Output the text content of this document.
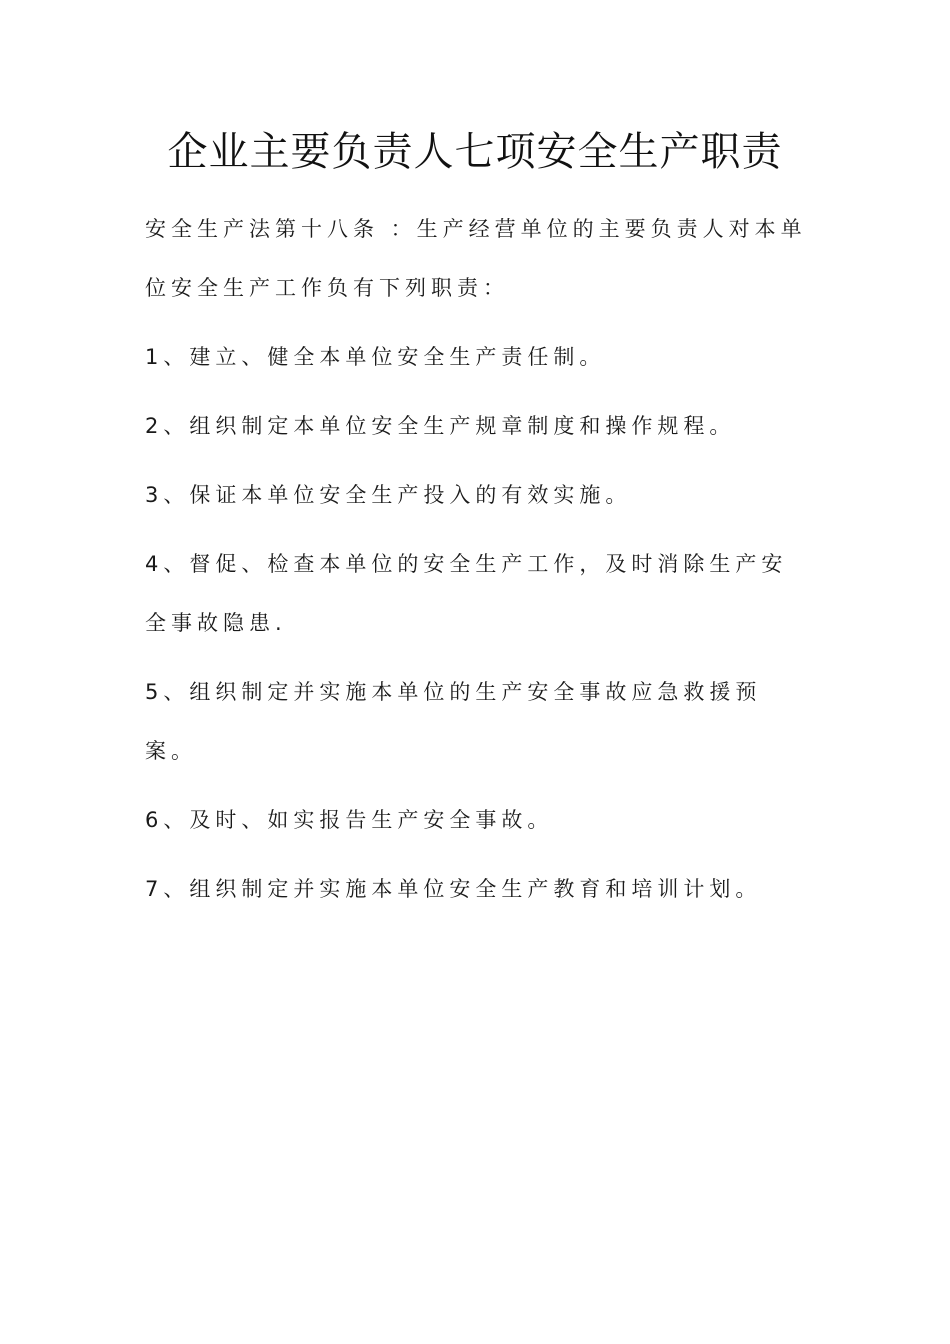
企业主要负责人七项安全生产职责

安全生产法第十八条 ：生产经营单位的主要负责人对本单位安全生产工作负有下列职责：

1、建立、健全本单位安全生产责任制。

2、组织制定本单位安全生产规章制度和操作规程。

3、保证本单位安全生产投入的有效实施。

4、督促、检查本单位的安全生产工作，及时消除生产安全事故隐患.

5、组织制定并实施本单位的生产安全事故应急救援预案。

6、及时、如实报告生产安全事故。

7、组织制定并实施本单位安全生产教育和培训计划。
